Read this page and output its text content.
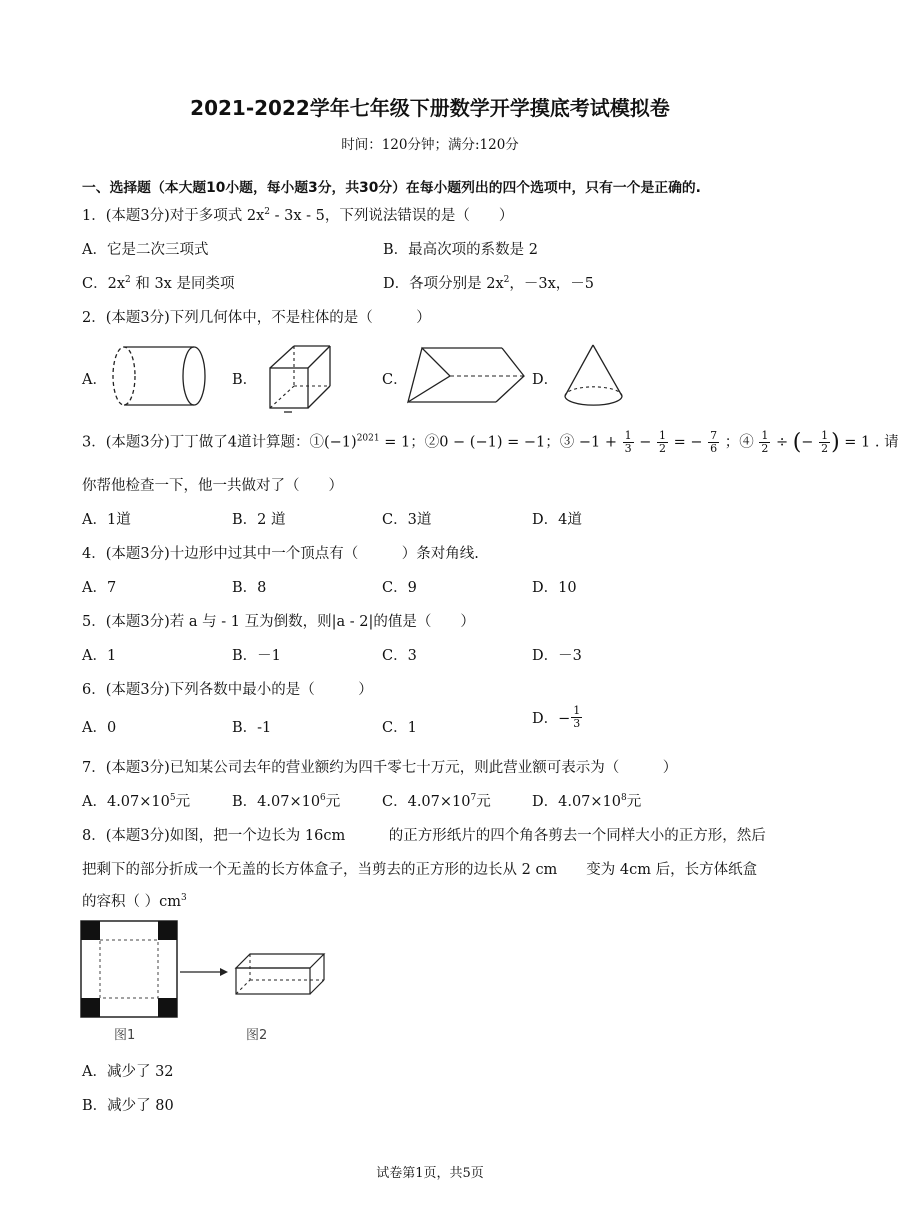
2021-2022学年七年级下册数学开学摸底考试模拟卷
时间：120分钟；满分:120分
一、选择题（本大题10小题，每小题3分，共30分）在每小题列出的四个选项中，只有一个是正确的.
1．(本题3分)对于多项式 $2x^2 - 3x - 5$，下列说法错误的是（　　）
A．它是二次三项式	B．最高次项的系数是 2
C．$2x^2$ 和 3x 是同类项	D．各项分别是 $2x^2$，－3x，－5
2．(本题3分)下列几何体中，不是柱体的是（　　　）
A．	B．	C．	D．
3．(本题3分)丁丁做了4道计算题：$①(-1)^{2021} = 1$；②0 − (−1) = −1；③ $-1 + \frac{1}{3} - \frac{1}{2}$ = − $\frac{7}{6}$ ；④ $\frac{1}{2}$ ÷ (− $\frac{1}{2}$ ) = 1 . 请
你帮他检查一下，他一共做对了（　　）
A．1道	B．2 道	C．3道	D．4道
4．(本题3分)十边形中过其中一个顶点有（　　　）条对角线.
A．7	B．8	C．9	D．10
5．(本题3分)若 a 与 - 1 互为倒数，则|a - 2|的值是（　　）
A．1	B．－1	C．3	D．－3
6．(本题3分)下列各数中最小的是（　　　）
A．0	B．-1	C．1
D．− $\frac{1}{3}$
7．(本题3分)已知某公司去年的营业额约为四千零七十万元，则此营业额可表示为（　　　）
A．$4.07\times 10^5$元	B．$4.07\times 10^6$元	C．$4.07\times 10^7$元	D．$4.07\times 10^8$元
8．(本题3分)如图，把一个边长为 16cm　　　的正方形纸片的四个角各剪去一个同样大小的正方形，然后
把剩下的部分折成一个无盖的长方体盒子，当剪去的正方形的边长从 2 cm　　变为 4cm 后，长方体纸盒
的容积（ ）$cm^3$
图1	图2
A．减少了 32
B．减少了 80
试卷第1页，共5页
